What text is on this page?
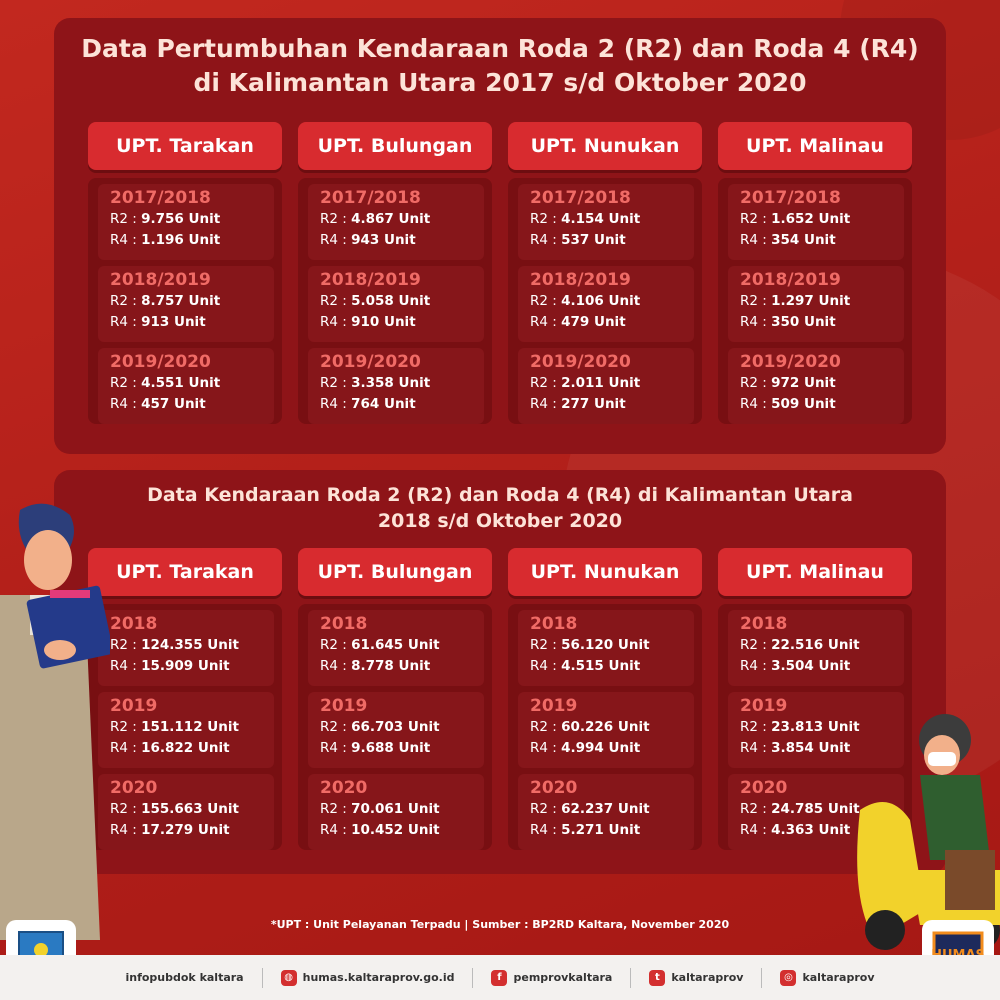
Data Pertumbuhan Kendaraan Roda 2 (R2) dan Roda 4 (R4)
di Kalimantan Utara 2017 s/d Oktober 2020
UPT. Tarakan
2017/2018
R2 : 9.756 Unit
R4 : 1.196 Unit
2018/2019
R2 : 8.757 Unit
R4 : 913 Unit
2019/2020
R2 : 4.551 Unit
R4 : 457 Unit
UPT. Bulungan
2017/2018
R2 : 4.867 Unit
R4 : 943 Unit
2018/2019
R2 : 5.058 Unit
R4 : 910 Unit
2019/2020
R2 : 3.358 Unit
R4 : 764 Unit
UPT. Nunukan
2017/2018
R2 : 4.154 Unit
R4 : 537 Unit
2018/2019
R2 : 4.106 Unit
R4 : 479 Unit
2019/2020
R2 : 2.011 Unit
R4 : 277 Unit
UPT. Malinau
2017/2018
R2 : 1.652 Unit
R4 : 354 Unit
2018/2019
R2 : 1.297 Unit
R4 : 350 Unit
2019/2020
R2 : 972 Unit
R4 : 509 Unit
Data Kendaraan Roda 2 (R2) dan Roda 4 (R4) di Kalimantan Utara
2018 s/d Oktober 2020
UPT. Tarakan
2018
R2 : 124.355 Unit
R4 : 15.909 Unit
2019
R2 : 151.112 Unit
R4 : 16.822 Unit
2020
R2 : 155.663 Unit
R4 : 17.279 Unit
UPT. Bulungan
2018
R2 : 61.645 Unit
R4 : 8.778 Unit
2019
R2 : 66.703 Unit
R4 : 9.688 Unit
2020
R2 : 70.061 Unit
R4 : 10.452 Unit
UPT. Nunukan
2018
R2 : 56.120 Unit
R4 : 4.515 Unit
2019
R2 : 60.226 Unit
R4 : 4.994 Unit
2020
R2 : 62.237 Unit
R4 : 5.271 Unit
UPT. Malinau
2018
R2 : 22.516 Unit
R4 : 3.504 Unit
2019
R2 : 23.813 Unit
R4 : 3.854 Unit
2020
R2 : 24.785 Unit
R4 : 4.363 Unit
*UPT : Unit Pelayanan Terpadu | Sumber : BP2RD Kaltara, November 2020
infopubdok kaltara	◍ humas.kaltaraprov.go.id	f	pemprovkaltara	t	kaltaraprov	◎ kaltaraprov
